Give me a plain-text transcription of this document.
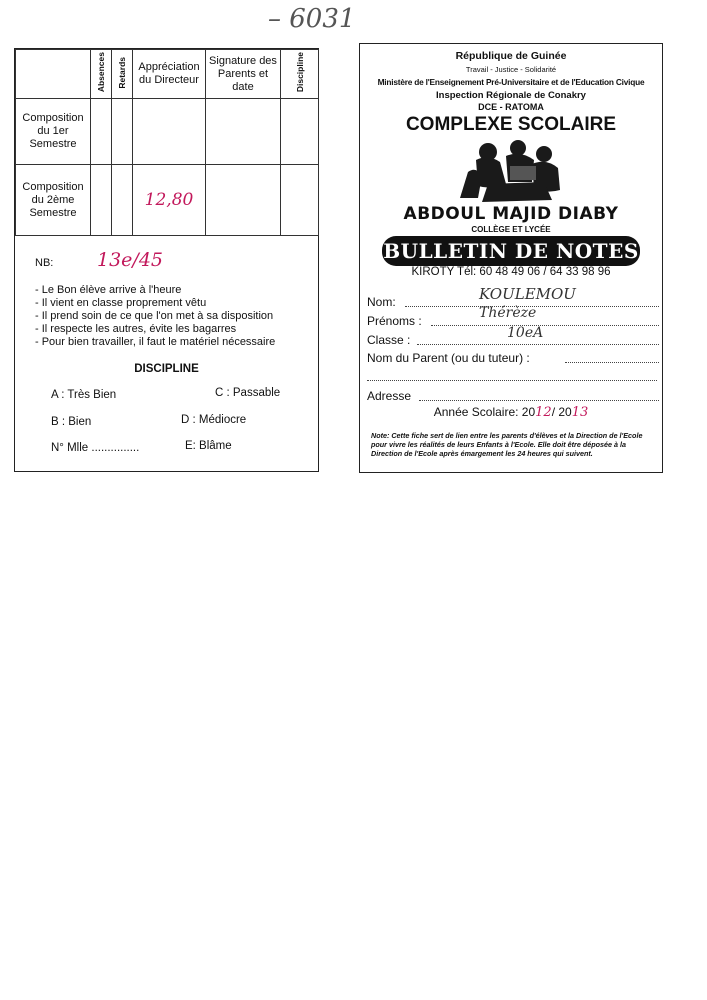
– 6031
	Absences	Retards	Appréciation du Directeur	Signature des Parents et date	Discipline
Composition du 1er Semestre					
Composition du 2ème Semestre			12,80		
NB: 13e/45
- Le Bon élève arrive à l'heure
- Il vient en classe proprement vêtu
- Il prend soin de ce que l'on met à sa disposition
- Il respecte les autres, évite les bagarres
- Pour bien travailler, il faut le matériel nécessaire
DISCIPLINE
A : Très Bien	C : Passable
B : Bien	D : Médiocre
N° Mlle ...............	E: Blâme
République de Guinée
Travail - Justice - Solidarité
Ministère de l'Enseignement Pré-Universitaire et de l'Education Civique
Inspection Régionale de Conakry
DCE - RATOMA
COMPLEXE SCOLAIRE
ABDOUL MAJID DIABY
COLLÈGE ET LYCÉE
BULLETIN DE NOTES
KIROTY Tél: 60 48 49 06 / 64 33 98 96
Nom:	KOULEMOU
Prénoms :	Thérèze
Classe :	10eA
Nom du Parent (ou du tuteur) :
Adresse
Année Scolaire: 2012/ 2013
Note: Cette fiche sert de lien entre les parents d'élèves et la Direction de l'Ecole pour vivre les réalités de leurs Enfants à l'Ecole. Elle doit être déposée à la Direction de l'Ecole après émargement les 24 heures qui suivent.
